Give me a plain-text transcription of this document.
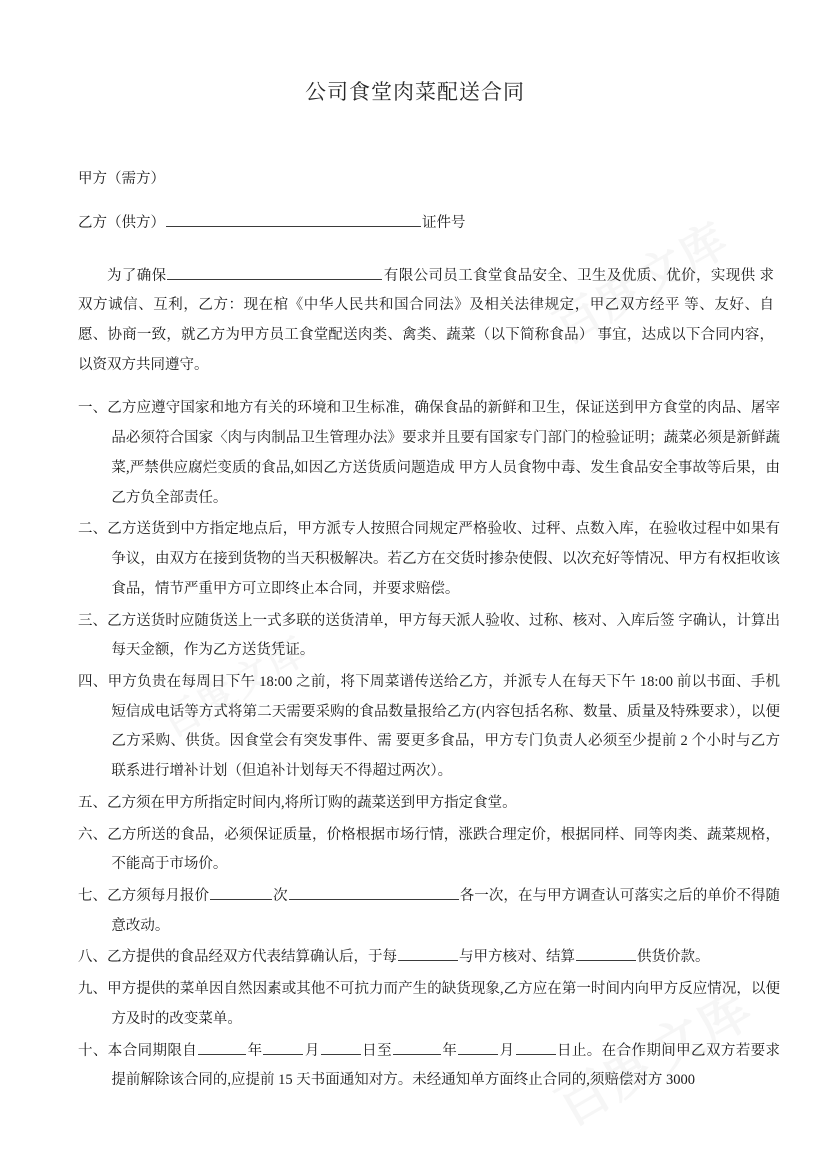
公司食堂肉菜配送合同

甲方（需方）

乙方（供方）	证件号

为了确保	有限公司员工食堂食品安全、卫生及优质、优价，实现供 求双方诚信、互利，乙方：现在棺《中华人民共和国合同法》及相关法律规定，甲乙双方经平 等、友好、自愿、协商一致，就乙方为甲方员工食堂配送肉类、禽类、蔬菜（以下简称食品） 事宜，达成以下合同内容，以资双方共同遵守。

一、乙方应遵守国家和地方有关的环境和卫生标准，确保食品的新鲜和卫生，保证送到甲方食堂的肉品、屠宰品必须符合国家〈肉与肉制品卫生管理办法》要求并且要有国家专门部门的检验证明；蔬菜必须是新鲜蔬菜,严禁供应腐烂变质的食品,如因乙方送货质问题造成 甲方人员食物中毒、发生食品安全事故等后果，由乙方负全部责任。
二、乙方送货到中方指定地点后，甲方派专人按照合同规定严格验收、过秤、点数入库，在验收过程中如果有争议，由双方在接到货物的当天积极解决。若乙方在交货时掺杂使假、以次充好等情况、甲方有权拒收该食品，情节严重甲方可立即终止本合同，并要求赔偿。
三、乙方送货时应随货送上一式多联的送货清单，甲方每天派人验收、过称、核对、入库后签 字确认，计算出每天金额，作为乙方送货凭证。
四、甲方负贵在每周日下午 18:00 之前，将下周菜谱传送给乙方，并派专人在每天下午 18:00 前以书面、手机短信成电话等方式将第二天需要采购的食品数量报给乙方(内容包括名称、数量、质量及特殊要求），以便乙方采购、供货。因食堂会有突发事件、需 要更多食品，甲方专门负责人必须至少提前 2 个小时与乙方联系进行增补计划（但追补计划每天不得超过两次）。
五、乙方须在甲方所指定时间内,将所订购的蔬菜送到甲方指定食堂。
六、乙方所送的食品，必须保证质量，价格根据市场行情，涨跌合理定价，根据同样、同等肉类、蔬菜规格，不能高于市场价。
七、乙方须每月报价	次	各一次，在与甲方调查认可落实之后的单价不得随意改动。
八、乙方提供的食品经双方代表结算确认后，于每	与甲方核对、结算	供货价款。
九、甲方提供的菜单因自然因素或其他不可抗力而产生的缺货现象,乙方应在第一时间内向甲方反应情况，以便方及时的改变菜单。
十、本合同期限自	年	月	日至	年	月	日止。在合作期间甲乙双方若要求提前解除该合同的,应提前 15 天书面通知对方。未经通知单方面终止合同的,须赔偿对方 3000
